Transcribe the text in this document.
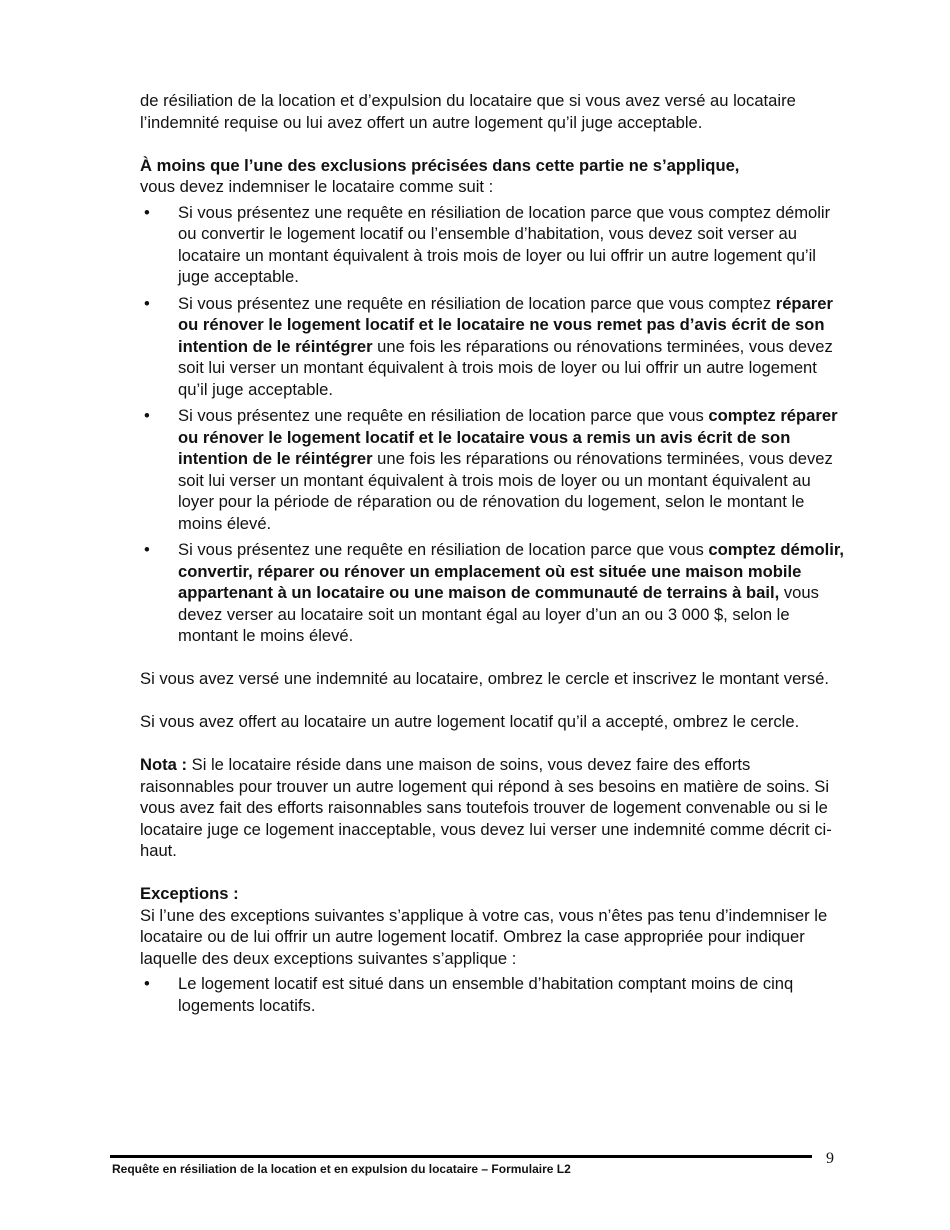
de résiliation de la location et d’expulsion du locataire que si vous avez versé au locataire l’indemnité requise ou lui avez offert un autre logement qu’il juge acceptable.

À moins que l’une des exclusions précisées dans cette partie ne s’applique,
vous devez indemniser le locataire comme suit :

• Si vous présentez une requête en résiliation de location parce que vous comptez démolir ou convertir le logement locatif ou l’ensemble d’habitation, vous devez soit verser au locataire un montant équivalent à trois mois de loyer ou lui offrir un autre logement qu’il juge acceptable.
• Si vous présentez une requête en résiliation de location parce que vous comptez réparer ou rénover le logement locatif et le locataire ne vous remet pas d’avis écrit de son intention de le réintégrer une fois les réparations ou rénovations terminées, vous devez soit lui verser un montant équivalent à trois mois de loyer ou lui offrir un autre logement qu’il juge acceptable.
• Si vous présentez une requête en résiliation de location parce que vous comptez réparer ou rénover le logement locatif et le locataire vous a remis un avis écrit de son intention de le réintégrer une fois les réparations ou rénovations terminées, vous devez soit lui verser un montant équivalent à trois mois de loyer ou un montant équivalent au loyer pour la période de réparation ou de rénovation du logement, selon le montant le moins élevé.
• Si vous présentez une requête en résiliation de location parce que vous comptez démolir, convertir, réparer ou rénover un emplacement où est située une maison mobile appartenant à un locataire ou une maison de communauté de terrains à bail, vous devez verser au locataire soit un montant égal au loyer d’un an ou 3 000 $, selon le montant le moins élevé.

Si vous avez versé une indemnité au locataire, ombrez le cercle et inscrivez le montant versé.

Si vous avez offert au locataire un autre logement locatif qu’il a accepté, ombrez le cercle.

Nota : Si le locataire réside dans une maison de soins, vous devez faire des efforts raisonnables pour trouver un autre logement qui répond à ses besoins en matière de soins. Si vous avez fait des efforts raisonnables sans toutefois trouver de logement convenable ou si le locataire juge ce logement inacceptable, vous devez lui verser une indemnité comme décrit ci-haut.

Exceptions :

Si l’une des exceptions suivantes s’applique à votre cas, vous n’êtes pas tenu d’indemniser le locataire ou de lui offrir un autre logement locatif. Ombrez la case appropriée pour indiquer laquelle des deux exceptions suivantes s’applique :

• Le logement locatif est situé dans un ensemble d’habitation comptant moins de cinq logements locatifs.
Requête en résiliation de la location et en expulsion du locataire – Formulaire L2
9
